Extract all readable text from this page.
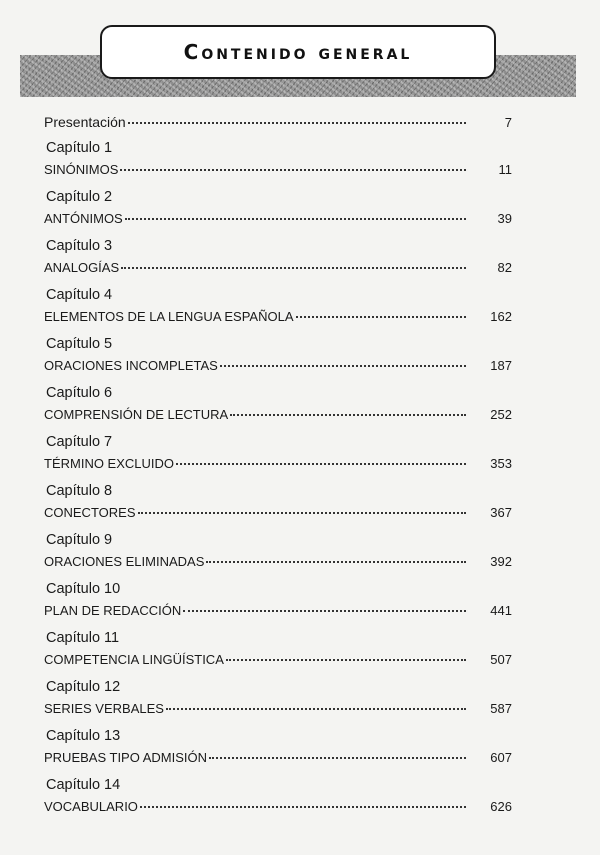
Contenido general
Presentación	7
Capítulo 1
SINÓNIMOS	11
Capítulo 2
ANTÓNIMOS	39
Capítulo 3
ANALOGÍAS	82
Capítulo 4
ELEMENTOS DE LA LENGUA ESPAÑOLA	162
Capítulo 5
ORACIONES INCOMPLETAS	187
Capítulo 6
COMPRENSIÓN DE LECTURA	252
Capítulo 7
TÉRMINO EXCLUIDO	353
Capítulo 8
CONECTORES	367
Capítulo 9
ORACIONES ELIMINADAS	392
Capítulo 10
PLAN DE REDACCIÓN	441
Capítulo 11
COMPETENCIA LINGÜÍSTICA	507
Capítulo 12
SERIES VERBALES	587
Capítulo 13
PRUEBAS TIPO ADMISIÓN	607
Capítulo 14
VOCABULARIO	626
